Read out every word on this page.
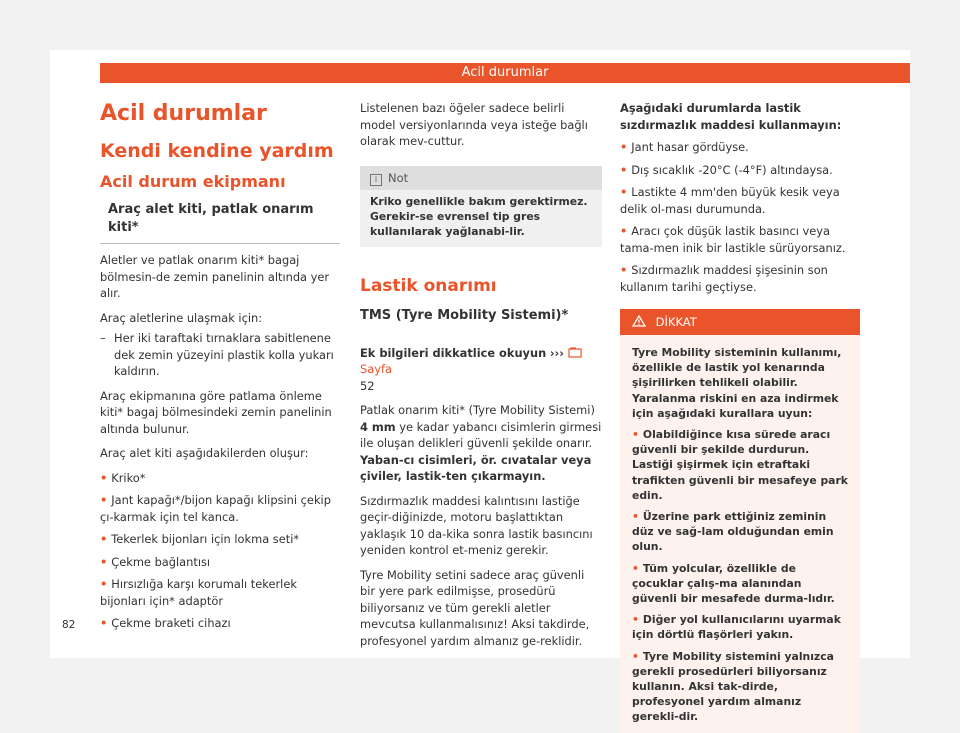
Acil durumlar
Acil durumlar
Kendi kendine yardım
Acil durum ekipmanı
Araç alet kiti, patlak onarım kiti*

Aletler ve patlak onarım kiti* bagaj bölmesin-de zemin panelinin altında yer alır.

Araç aletlerine ulaşmak için:

– Her iki taraftaki tırnaklara sabitlenene dek zemin yüzeyini plastik kolla yukarı kaldırın.

Araç ekipmanına göre patlama önleme kiti* bagaj bölmesindeki zemin panelinin altında bulunur.

Araç alet kiti aşağıdakilerden oluşur:

• Kriko*
• Jant kapağı*/bijon kapağı klipsini çekip çı-karmak için tel kanca.
• Tekerlek bijonları için lokma seti*
• Çekme bağlantısı
• Hırsızlığa karşı korumalı tekerlek bijonları için* adaptör
• Çekme braketi cihazı

Listelenen bazı öğeler sadece belirli model versiyonlarında veya isteğe bağlı olarak mev-cuttur.

i Not
Kriko genellikle bakım gerektirmez. Gerekir-se evrensel tip gres kullanılarak yağlanabi-lir.
Lastik onarımı
TMS (Tyre Mobility Sistemi)*

Ek bilgileri dikkatlice okuyun ›››  Sayfa
52

Patlak onarım kiti* (Tyre Mobility Sistemi) 4 mm ye kadar yabancı cisimlerin girmesi ile oluşan delikleri güvenli şekilde onarır. Yaban-cı cisimleri, ör. cıvatalar veya çiviler, lastik-ten çıkarmayın.

Sızdırmazlık maddesi kalıntısını lastiğe geçir-diğinizde, motoru başlattıktan yaklaşık 10 da-kika sonra lastik basıncını yeniden kontrol et-meniz gerekir.

Tyre Mobility setini sadece araç güvenli bir yere park edilmişse, prosedürü biliyorsanız ve tüm gerekli aletler mevcutsa kullanmalısınız! Aksi takdirde, profesyonel yardım almanız ge-reklidir.

Aşağıdaki durumlarda lastik sızdırmazlık maddesi kullanmayın:

• Jant hasar gördüyse.
• Dış sıcaklık -20°C (-4°F) altındaysa.
• Lastikte 4 mm'den büyük kesik veya delik ol-ması durumunda.
• Aracı çok düşük lastik basıncı veya tama-men inik bir lastikle sürüyorsanız.
• Sızdırmazlık maddesi şişesinin son kullanım tarihi geçtiyse.
DİKKAT

Tyre Mobility sisteminin kullanımı, özellikle de lastik yol kenarında şişirilirken tehlikeli olabilir. Yaralanma riskini en aza indirmek için aşağıdaki kurallara uyun:

• Olabildiğince kısa sürede aracı güvenli bir şekilde durdurun. Lastiği şişirmek için etraftaki trafikten güvenli bir mesafeye park edin.
• Üzerine park ettiğiniz zeminin düz ve sağ-lam olduğundan emin olun.
• Tüm yolcular, özellikle de çocuklar çalış-ma alanından güvenli bir mesafede durma-lıdır.
• Diğer yol kullanıcılarını uyarmak için dörtlü flaşörleri yakın.
• Tyre Mobility sistemini yalnızca gerekli prosedürleri biliyorsanız kullanın. Aksi tak-dirde, profesyonel yardım almanız gerekli-dir.
82
